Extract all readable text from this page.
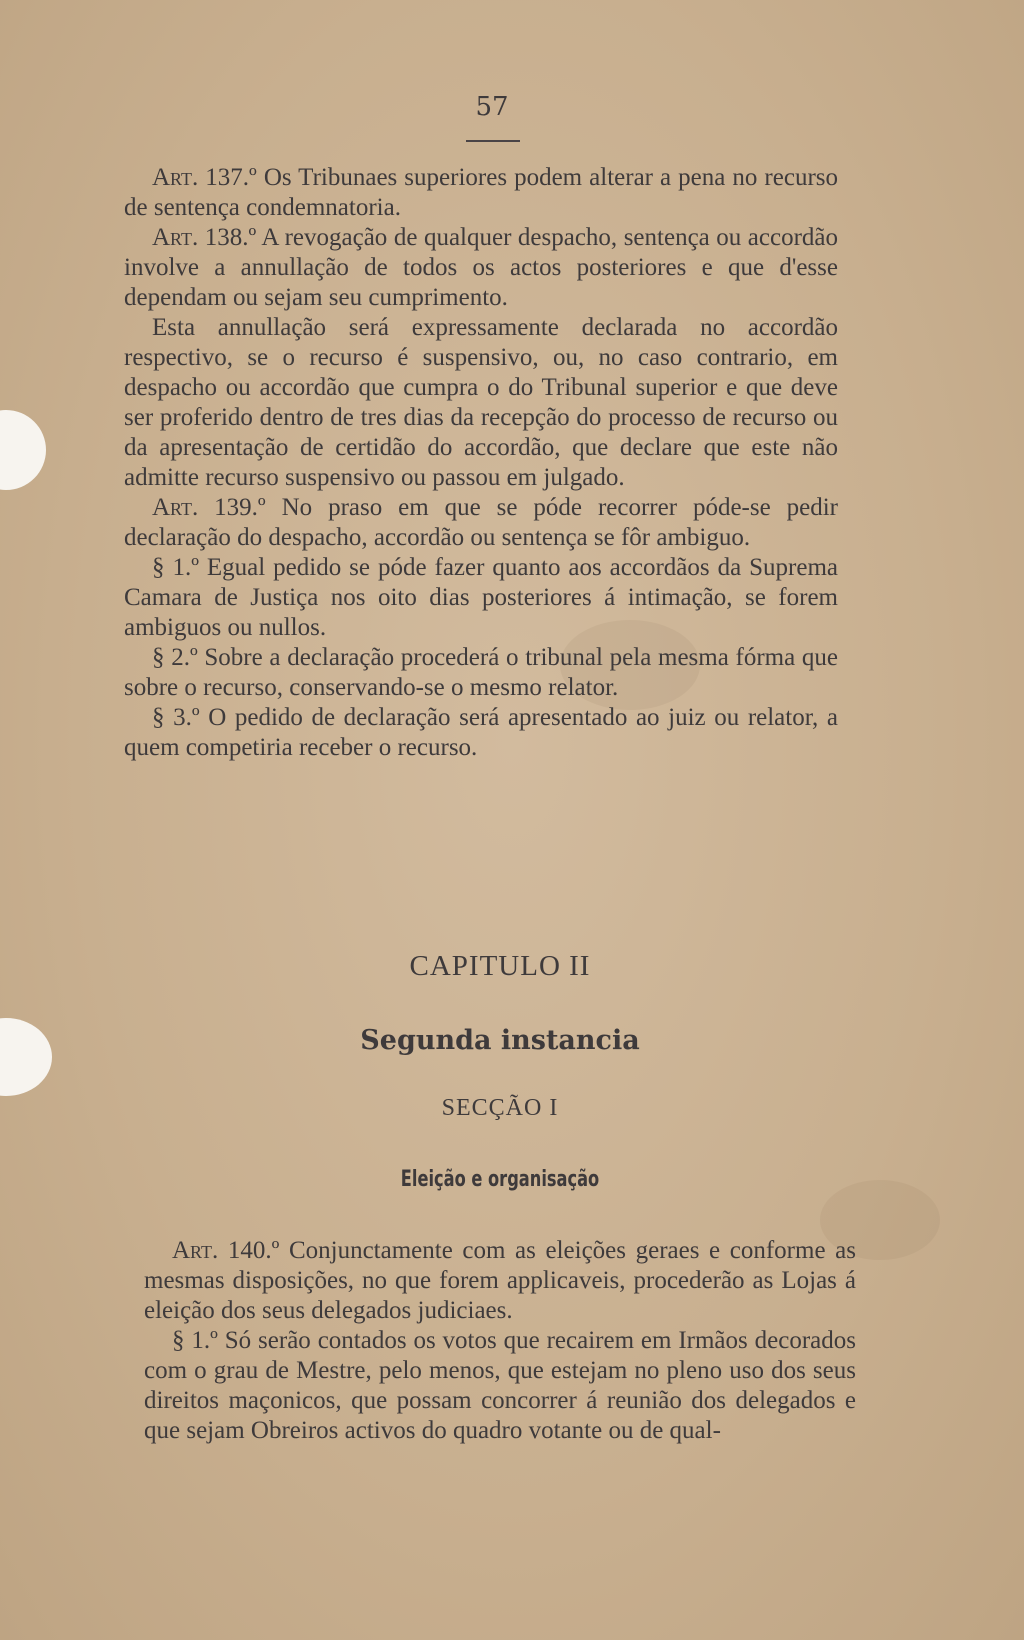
57

Art. 137.º Os Tribunaes superiores podem alterar a pena no recurso de sentença condemnatoria.

Art. 138.º A revogação de qualquer despacho, sentença ou accordão involve a annullação de todos os actos posteriores e que d'esse dependam ou sejam seu cumprimento.

Esta annullação será expressamente declarada no accordão respectivo, se o recurso é suspensivo, ou, no caso contrario, em despacho ou accordão que cumpra o do Tribunal superior e que deve ser proferido dentro de tres dias da recepção do processo de recurso ou da apresentação de certidão do accordão, que declare que este não admitte recurso suspensivo ou passou em julgado.

Art. 139.º No praso em que se póde recorrer póde-se pedir declaração do despacho, accordão ou sentença se fôr ambiguo.

§ 1.º Egual pedido se póde fazer quanto aos accordãos da Suprema Camara de Justiça nos oito dias posteriores á intimação, se forem ambiguos ou nullos.

§ 2.º Sobre a declaração procederá o tribunal pela mesma fórma que sobre o recurso, conservando-se o mesmo relator.

§ 3.º O pedido de declaração será apresentado ao juiz ou relator, a quem competiria receber o recurso.

CAPITULO II
Segunda instancia
SECÇÃO I
Eleição e organisação

Art. 140.º Conjunctamente com as eleições geraes e conforme as mesmas disposições, no que forem applicaveis, procederão as Lojas á eleição dos seus delegados judiciaes.

§ 1.º Só serão contados os votos que recairem em Irmãos decorados com o grau de Mestre, pelo menos, que estejam no pleno uso dos seus direitos maçonicos, que possam concorrer á reunião dos delegados e que sejam Obreiros activos do quadro votante ou de qual-
